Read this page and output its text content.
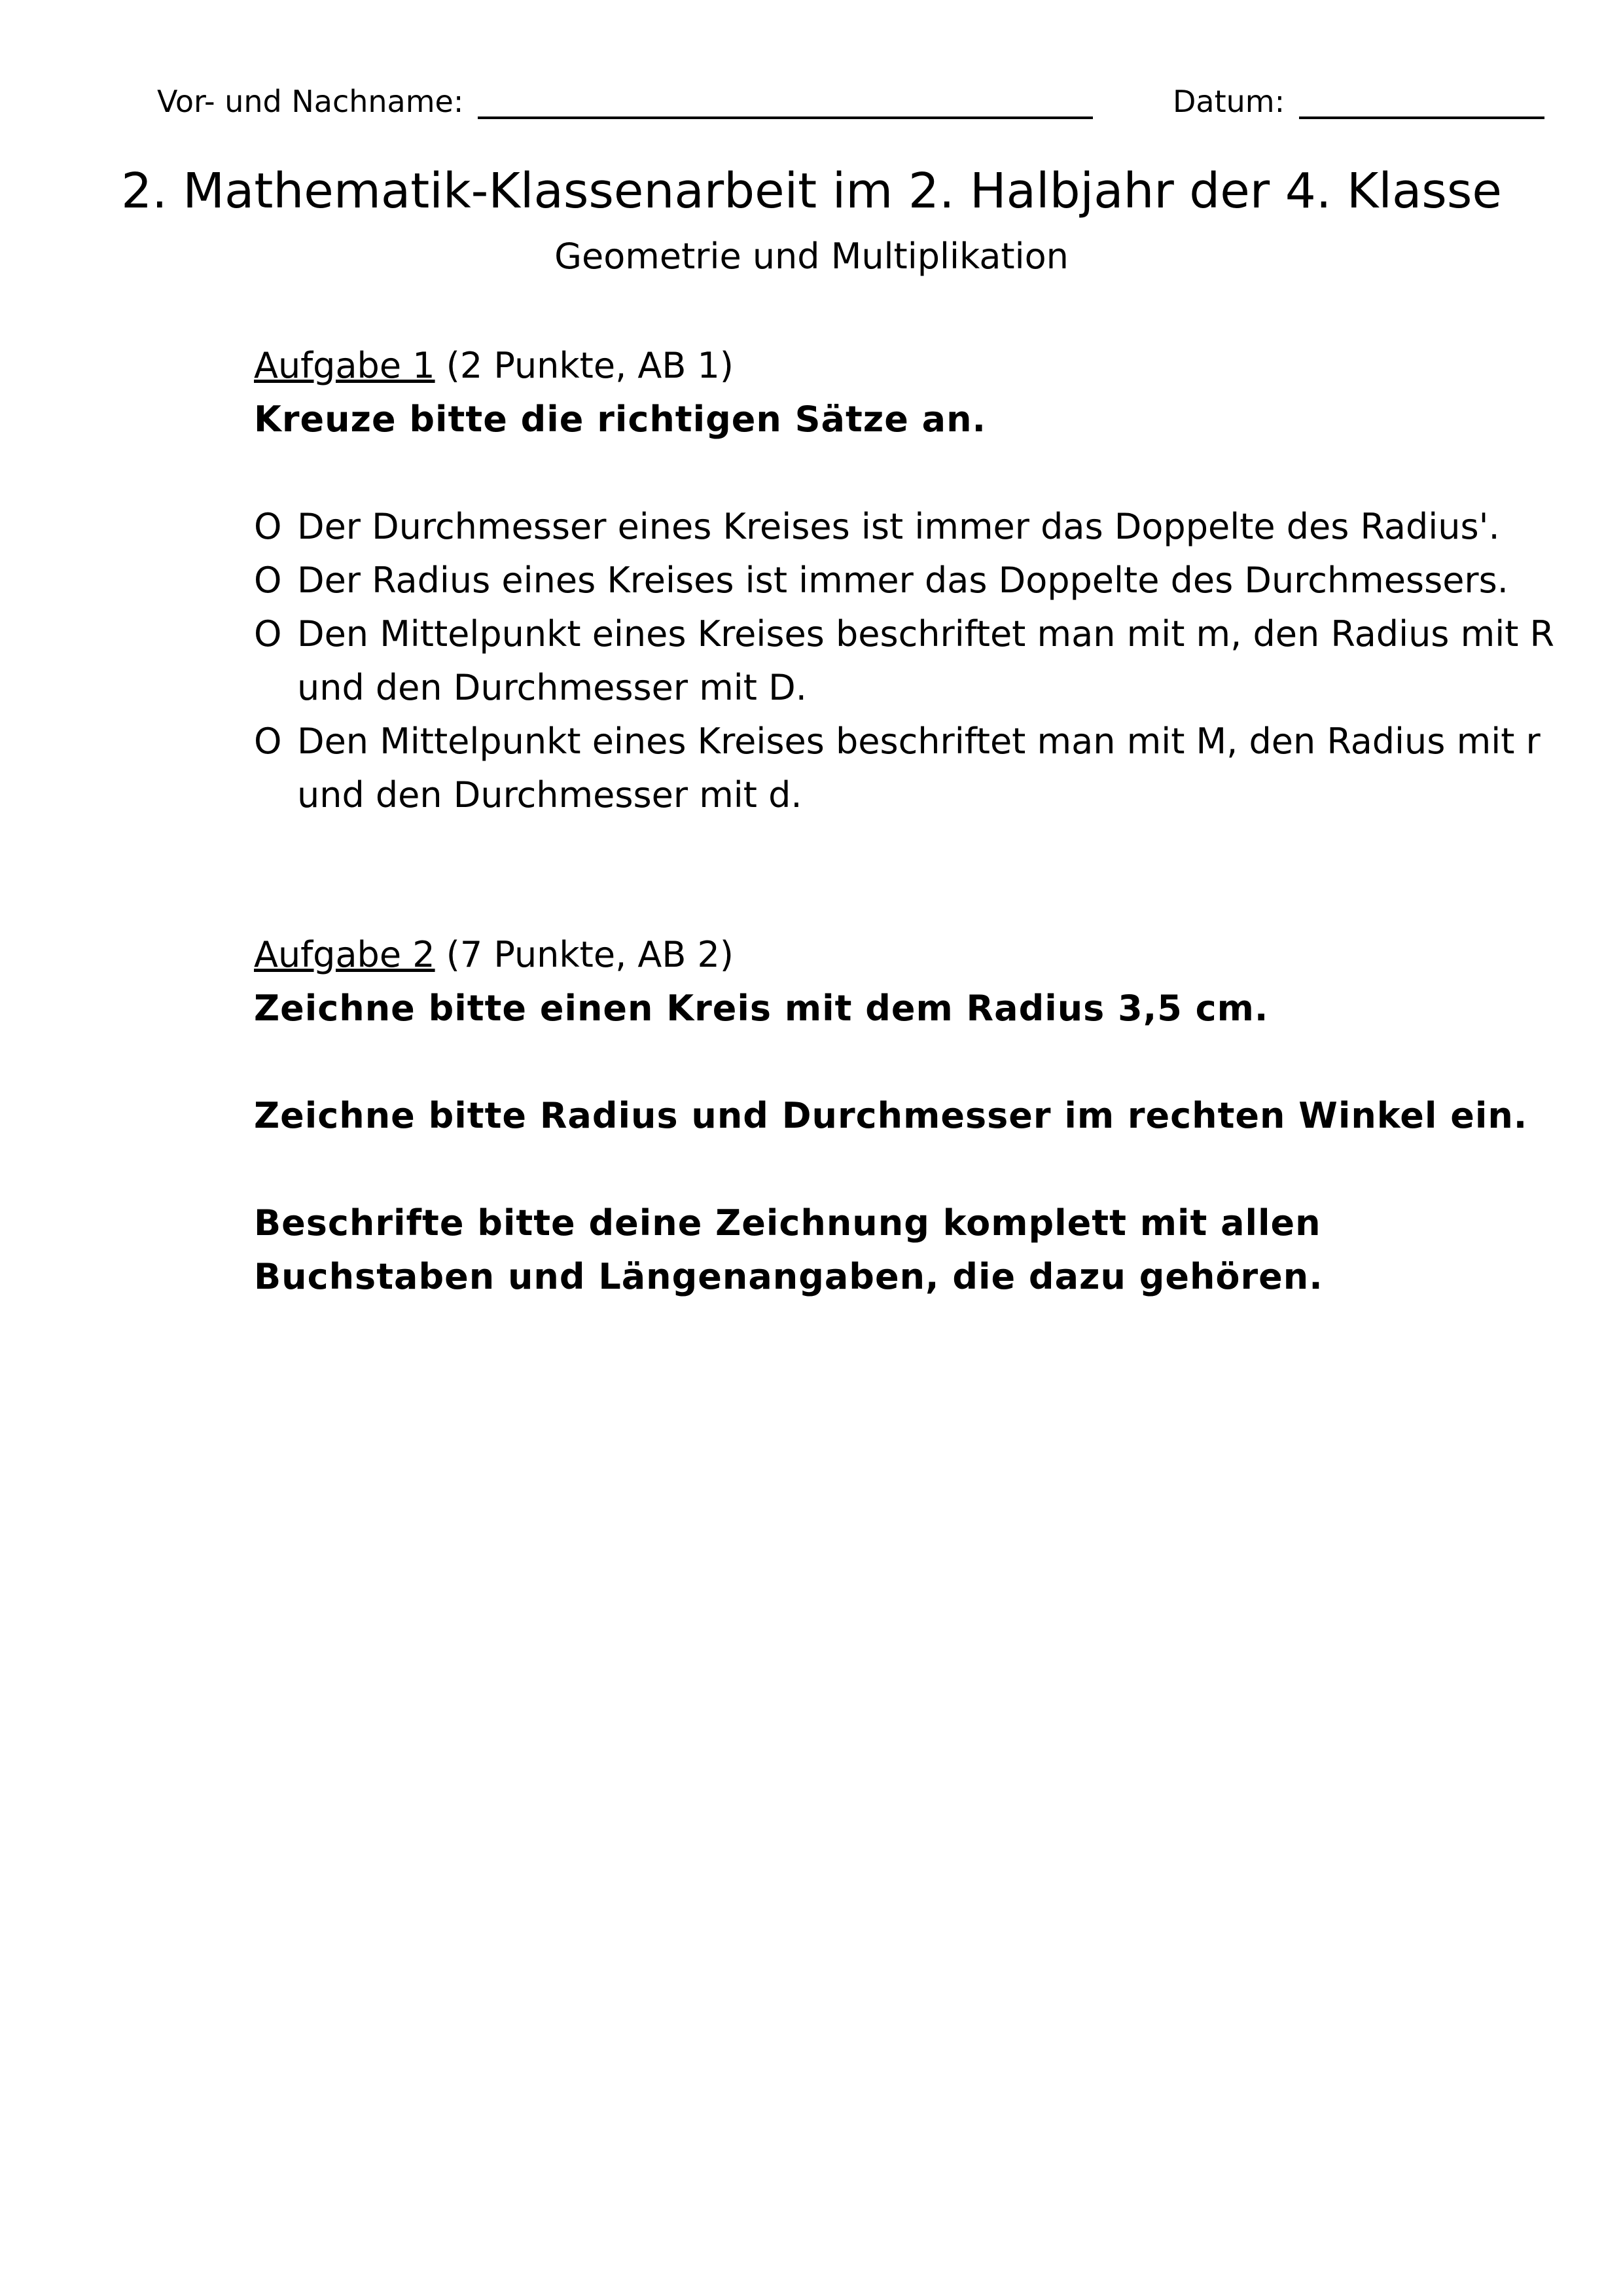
Vor- und Nachname:	Datum:
2. Mathematik-Klassenarbeit im 2. Halbjahr der 4. Klasse
Geometrie und Multiplikation
Aufgabe 1 (2 Punkte, AB 1)
Kreuze bitte die richtigen Sätze an.
O Der Durchmesser eines Kreises ist immer das Doppelte des Radius'.
O Der Radius eines Kreises ist immer das Doppelte des Durchmessers.
O Den Mittelpunkt eines Kreises beschriftet man mit m, den Radius mit R und den Durchmesser mit D.
O Den Mittelpunkt eines Kreises beschriftet man mit M, den Radius mit r und den Durchmesser mit d.
Aufgabe 2 (7 Punkte, AB 2)
Zeichne bitte einen Kreis mit dem Radius 3,5 cm.
Zeichne bitte Radius und Durchmesser im rechten Winkel ein.
Beschrifte bitte deine Zeichnung komplett mit allen Buchstaben und Längenangaben, die dazu gehören.
